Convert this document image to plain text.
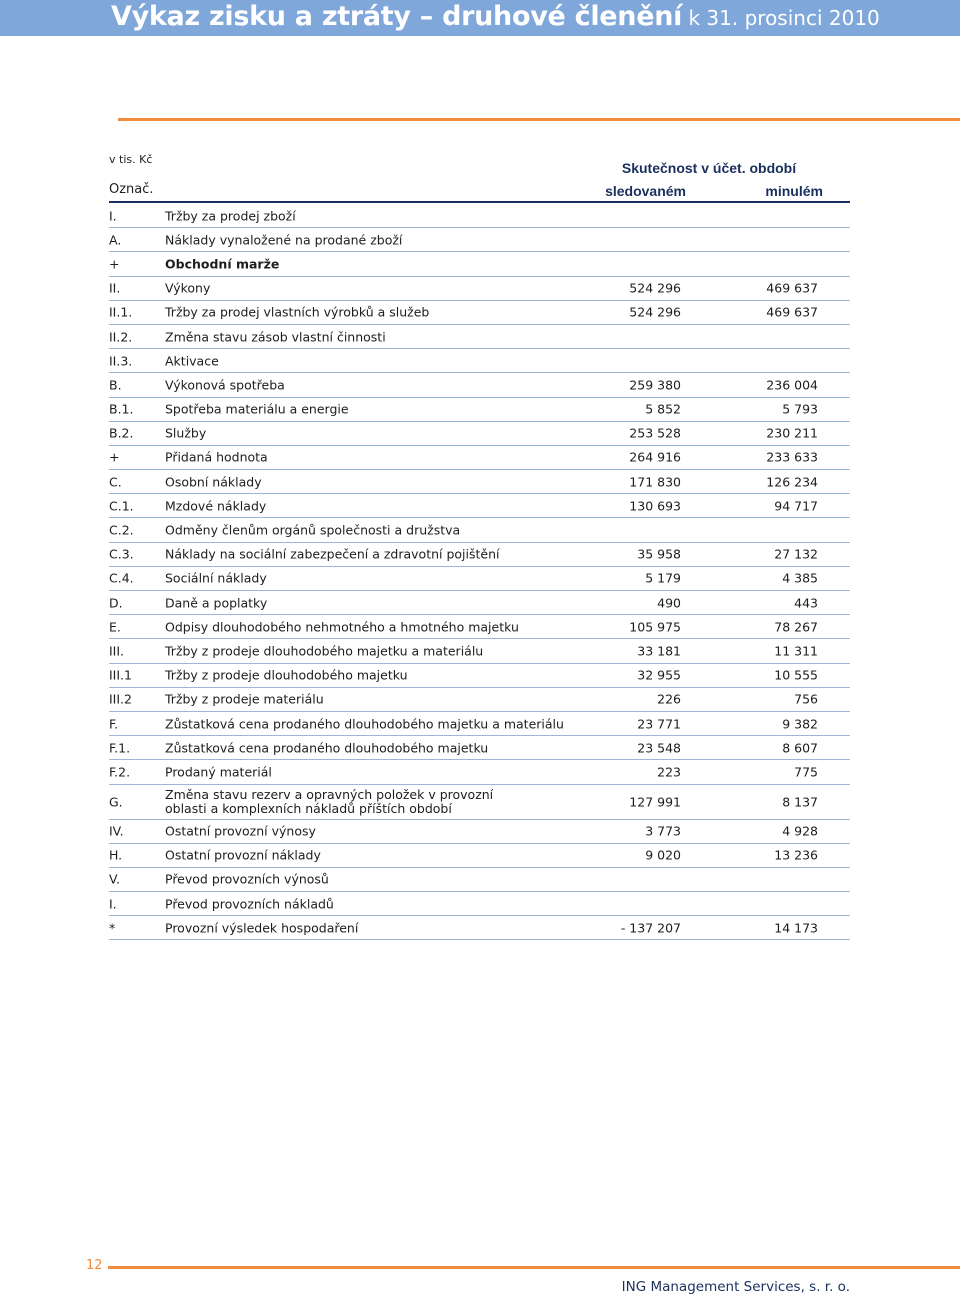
Výkaz zisku a ztráty – druhové členění k 31. prosinci 2010
v tis. Kč
Skutečnost v účet. období
Označ.	sledovaném	minulém
I.	Tržby za prodej zboží
A.	Náklady vynaložené na prodané zboží
+	Obchodní marže
II.	Výkony	524 296	469 637
II.1.	Tržby za prodej vlastních výrobků a služeb	524 296	469 637
II.2.	Změna stavu zásob vlastní činnosti
II.3.	Aktivace
B.	Výkonová spotřeba	259 380	236 004
B.1.	Spotřeba materiálu a energie	5 852	5 793
B.2.	Služby	253 528	230 211
+	Přidaná hodnota	264 916	233 633
C.	Osobní náklady	171 830	126 234
C.1.	Mzdové náklady	130 693	94 717
C.2.	Odměny členům orgánů společnosti a družstva
C.3.	Náklady na sociální zabezpečení a zdravotní pojištění	35 958	27 132
C.4.	Sociální náklady	5 179	4 385
D.	Daně a poplatky	490	443
E.	Odpisy dlouhodobého nehmotného a hmotného majetku	105 975	78 267
III.	Tržby z prodeje dlouhodobého majetku a materiálu	33 181	11 311
III.1	Tržby z prodeje dlouhodobého majetku	32 955	10 555
III.2	Tržby z prodeje materiálu	226	756
F.	Zůstatková cena prodaného dlouhodobého majetku a materiálu	23 771	9 382
F.1.	Zůstatková cena prodaného dlouhodobého majetku	23 548	8 607
F.2.	Prodaný materiál	223	775
G.	Změna stavu rezerv a opravných položek v provozní oblasti a komplexních nákladů příštích období	127 991	8 137
IV.	Ostatní provozní výnosy	3 773	4 928
H.	Ostatní provozní náklady	9 020	13 236
V.	Převod provozních výnosů
I.	Převod provozních nákladů
*	Provozní výsledek hospodaření	- 137 207	14 173
12
ING Management Services, s. r. o.
